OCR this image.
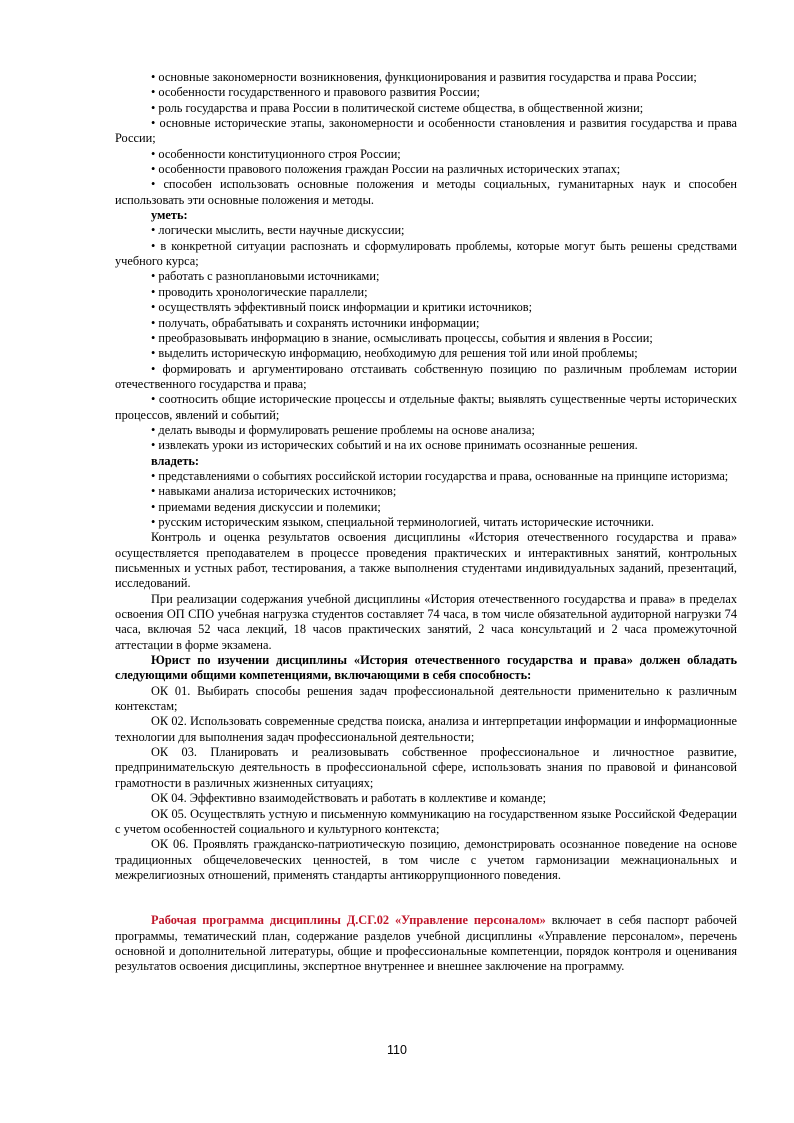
• основные закономерности возникновения, функционирования и развития государства и права России;

• особенности государственного и правового развития России;

• роль государства и права России в политической системе общества, в общественной жизни;

• основные исторические этапы, закономерности и особенности становления и развития государства и права России;

• особенности конституционного строя России;

• особенности правового положения граждан России на различных исторических этапах;

• способен использовать основные положения и методы социальных, гуманитарных наук и способен использовать эти основные положения и методы.

уметь:

• логически мыслить, вести научные дискуссии;

• в конкретной ситуации распознать и сформулировать проблемы, которые могут быть решены средствами учебного курса;

• работать с разноплановыми источниками;

• проводить хронологические параллели;

• осуществлять эффективный поиск информации и критики источников;

• получать, обрабатывать и сохранять источники информации;

• преобразовывать информацию в знание, осмысливать процессы, события и явления в России;

• выделить историческую информацию, необходимую для решения той или иной проблемы;

• формировать и аргументировано отстаивать собственную позицию по различным проблемам истории отечественного государства и права;

• соотносить общие исторические процессы и отдельные факты; выявлять существенные черты исторических процессов, явлений и событий;

• делать выводы и формулировать решение проблемы на основе анализа;

• извлекать уроки из исторических событий и на их основе принимать осознанные решения.

владеть:

• представлениями о событиях российской истории государства и права, основанные на принципе историзма;

• навыками анализа исторических источников;

• приемами ведения дискуссии и полемики;

• русским историческим языком, специальной терминологией, читать исторические источники.

Контроль и оценка результатов освоения дисциплины «История отечественного государства и права» осуществляется преподавателем в процессе проведения практических и интерактивных занятий, контрольных письменных и устных работ, тестирования, а также выполнения студентами индивидуальных заданий, презентаций, исследований.

При реализации содержания учебной дисциплины «История отечественного государства и права» в пределах освоения ОП СПО учебная нагрузка студентов составляет 74 часа, в том числе обязательной аудиторной нагрузки 74 часа, включая 52 часа лекций, 18 часов практических занятий, 2 часа консультаций и 2 часа промежуточной аттестации в форме экзамена.

Юрист по изучении дисциплины «История отечественного государства и права» должен обладать следующими общими компетенциями, включающими в себя способность:

ОК 01. Выбирать способы решения задач профессиональной деятельности применительно к различным контекстам;

ОК 02. Использовать современные средства поиска, анализа и интерпретации информации и информационные технологии для выполнения задач профессиональной деятельности;

ОК 03. Планировать и реализовывать собственное профессиональное и личностное развитие, предпринимательскую деятельность в профессиональной сфере, использовать знания по правовой и финансовой грамотности в различных жизненных ситуациях;

ОК 04. Эффективно взаимодействовать и работать в коллективе и команде;

ОК 05. Осуществлять устную и письменную коммуникацию на государственном языке Российской Федерации с учетом особенностей социального и культурного контекста;

ОК 06. Проявлять гражданско-патриотическую позицию, демонстрировать осознанное поведение на основе традиционных общечеловеческих ценностей, в том числе с учетом гармонизации межнациональных и межрелигиозных отношений, применять стандарты антикоррупционного поведения.

Рабочая программа дисциплины Д.СГ.02 «Управление персоналом» включает в себя паспорт рабочей программы, тематический план, содержание разделов учебной дисциплины «Управление персоналом», перечень основной и дополнительной литературы, общие и профессиональные компетенции, порядок контроля и оценивания результатов освоения дисциплины, экспертное внутреннее и внешнее заключение на программу.

110
